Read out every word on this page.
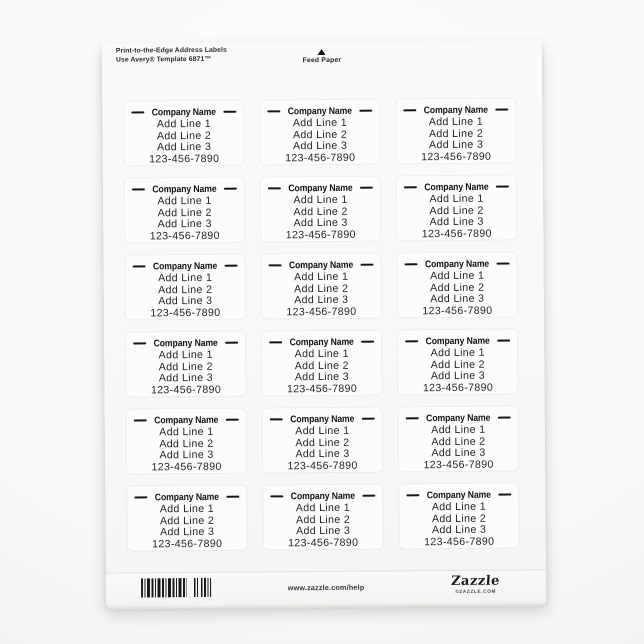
Print-to-the-Edge Address Labels
Use Avery® Template 6871™	Feed Paper
Company Name
Add Line 1
Add Line 2
Add Line 3
123-456-7890
Company Name
Add Line 1
Add Line 2
Add Line 3
123-456-7890
Company Name
Add Line 1
Add Line 2
Add Line 3
123-456-7890
Company Name
Add Line 1
Add Line 2
Add Line 3
123-456-7890
Company Name
Add Line 1
Add Line 2
Add Line 3
123-456-7890
Company Name
Add Line 1
Add Line 2
Add Line 3
123-456-7890
Company Name
Add Line 1
Add Line 2
Add Line 3
123-456-7890
Company Name
Add Line 1
Add Line 2
Add Line 3
123-456-7890
Company Name
Add Line 1
Add Line 2
Add Line 3
123-456-7890
Company Name
Add Line 1
Add Line 2
Add Line 3
123-456-7890
Company Name
Add Line 1
Add Line 2
Add Line 3
123-456-7890
Company Name
Add Line 1
Add Line 2
Add Line 3
123-456-7890
Company Name
Add Line 1
Add Line 2
Add Line 3
123-456-7890
Company Name
Add Line 1
Add Line 2
Add Line 3
123-456-7890
Company Name
Add Line 1
Add Line 2
Add Line 3
123-456-7890
Company Name
Add Line 1
Add Line 2
Add Line 3
123-456-7890
Company Name
Add Line 1
Add Line 2
Add Line 3
123-456-7890
Company Name
Add Line 1
Add Line 2
Add Line 3
123-456-7890
www.zazzle.com/help	Zazzle
©ZAZZLE.COM
